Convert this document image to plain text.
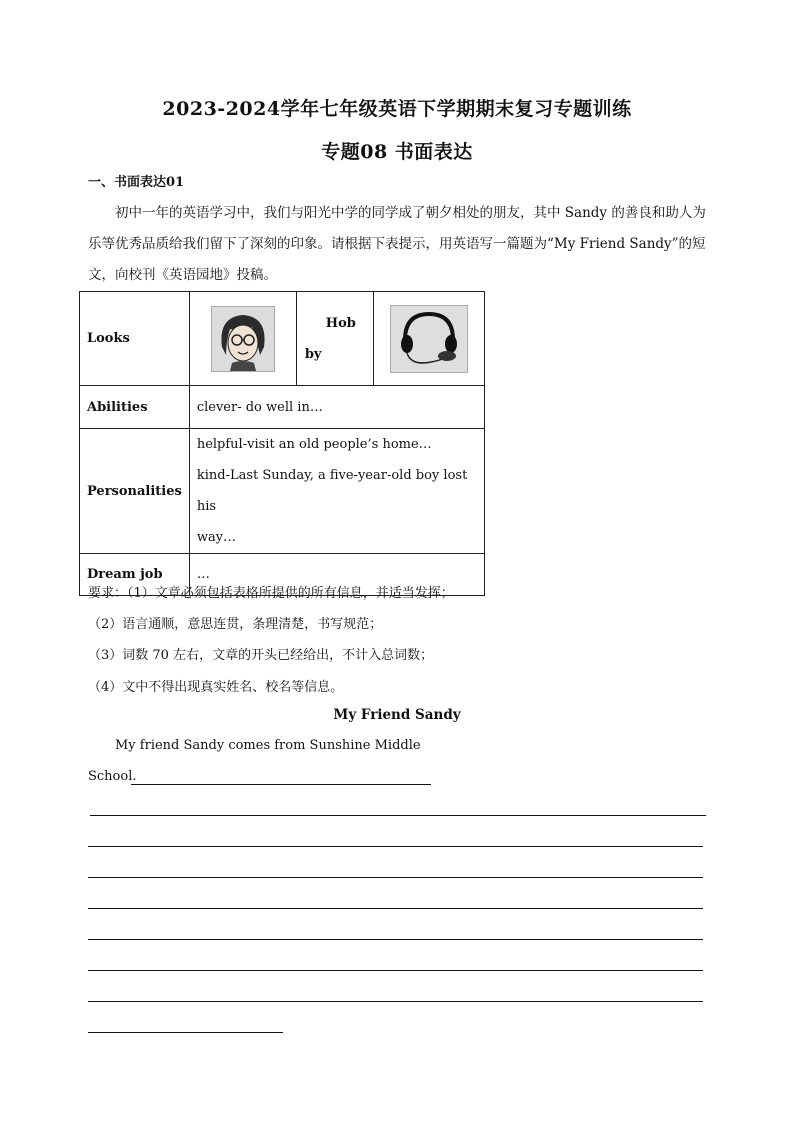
2023-2024学年七年级英语下学期期末复习专题训练
专题08 书面表达
一、书面表达01
初中一年的英语学习中，我们与阳光中学的同学成了朝夕相处的朋友，其中 Sandy 的善良和助人为乐等优秀品质给我们留下了深刻的印象。请根据下表提示，用英语写一篇题为“My Friend Sandy”的短文，向校刊《英语园地》投稿。
Looks		Hob
by

Abilities	clever- do well in…		
Personalities	helpful-visit an old people’s home…
kind-Last Sunday, a five-year-old boy lost his
way…		

Dream job	…		
要求：（1）文章必须包括表格所提供的所有信息，并适当发挥；
（2）语言通顺，意思连贯，条理清楚，书写规范；
（3）词数 70 左右，文章的开头已经给出，不计入总词数；
（4）文中不得出现真实姓名、校名等信息。
My Friend Sandy
My friend Sandy comes from Sunshine Middle
School.
